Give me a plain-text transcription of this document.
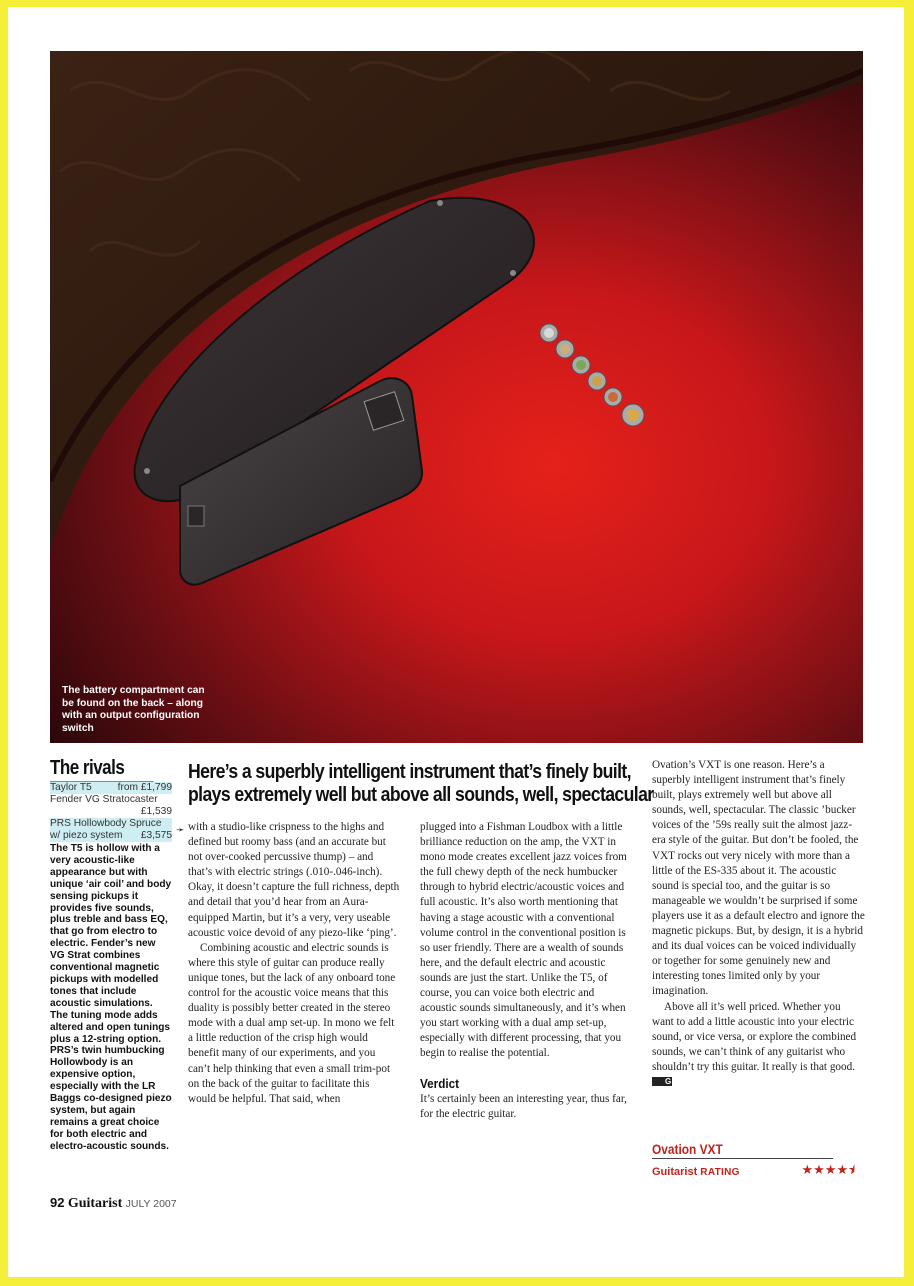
The battery compartment can be found on the back – along with an output configuration switch
The rivals
Taylor T5	from £1,799
Fender VG Stratocaster
£1,539
PRS Hollowbody Spruce
w/ piezo system £3,575
The T5 is hollow with a very acoustic-like appearance but with unique ‘air coil’ and body sensing pickups it provides five sounds, plus treble and bass EQ, that go from electro to electric. Fender’s new VG Strat combines conventional magnetic pickups with modelled tones that include acoustic simulations. The tuning mode adds altered and open tunings plus a 12-string option. PRS’s twin humbucking Hollowbody is an expensive option, especially with the LR Baggs co-designed piezo system, but again remains a great choice for both electric and electro-acoustic sounds.
➛
Here’s a superbly intelligent instrument that’s finely built,
plays extremely well but above all sounds, well, spectacular

with a studio-like crispness to the highs and defined but roomy bass (and an accurate but not over-cooked percussive thump) – and that’s with electric strings (.010-.046-inch). Okay, it doesn’t capture the full richness, depth and detail that you’d hear from an Aura-equipped Martin, but it’s a very, very useable acoustic voice devoid of any piezo-like ‘ping’.

Combining acoustic and electric sounds is where this style of guitar can produce really unique tones, but the lack of any onboard tone control for the acoustic voice means that this duality is possibly better created in the stereo mode with a dual amp set-up. In mono we felt a little reduction of the crisp high would benefit many of our experiments, and you can’t help thinking that even a small trim-pot on the back of the guitar to facilitate this would be helpful. That said, when

plugged into a Fishman Loudbox with a little brilliance reduction on the amp, the VXT in mono mode creates excellent jazz voices from the full chewy depth of the neck humbucker through to hybrid electric/acoustic voices and full acoustic. It’s also worth mentioning that having a stage acoustic with a conventional volume control in the conventional position is so user friendly. There are a wealth of sounds here, and the default electric and acoustic sounds are just the start. Unlike the T5, of course, you can voice both electric and acoustic sounds simultaneously, and it’s when you start working with a dual amp set-up, especially with different processing, that you begin to realise the potential.

Verdict

It’s certainly been an interesting year, thus far, for the electric guitar.

Ovation’s VXT is one reason. Here’s a superbly intelligent instrument that’s finely built, plays extremely well but above all sounds, well, spectacular. The classic ’bucker voices of the ’59s really suit the almost jazz-era style of the guitar. But don’t be fooled, the VXT rocks out very nicely with more than a little of the ES-335 about it. The acoustic sound is special too, and the guitar is so manageable we wouldn’t be surprised if some players use it as a default electro and ignore the magnetic pickups. But, by design, it is a hybrid and its dual voices can be voiced individually or together for some genuinely new and interesting tones limited only by your imagination.

Above all it’s well priced. Whether you want to add a little acoustic into your electric sound, or vice versa, or explore the combined sounds, we can’t think of any guitarist who shouldn’t try this guitar. It really is that good. G

Ovation VXT
Guitarist RATING	★★★★⯨
92 Guitarist JULY 2007
